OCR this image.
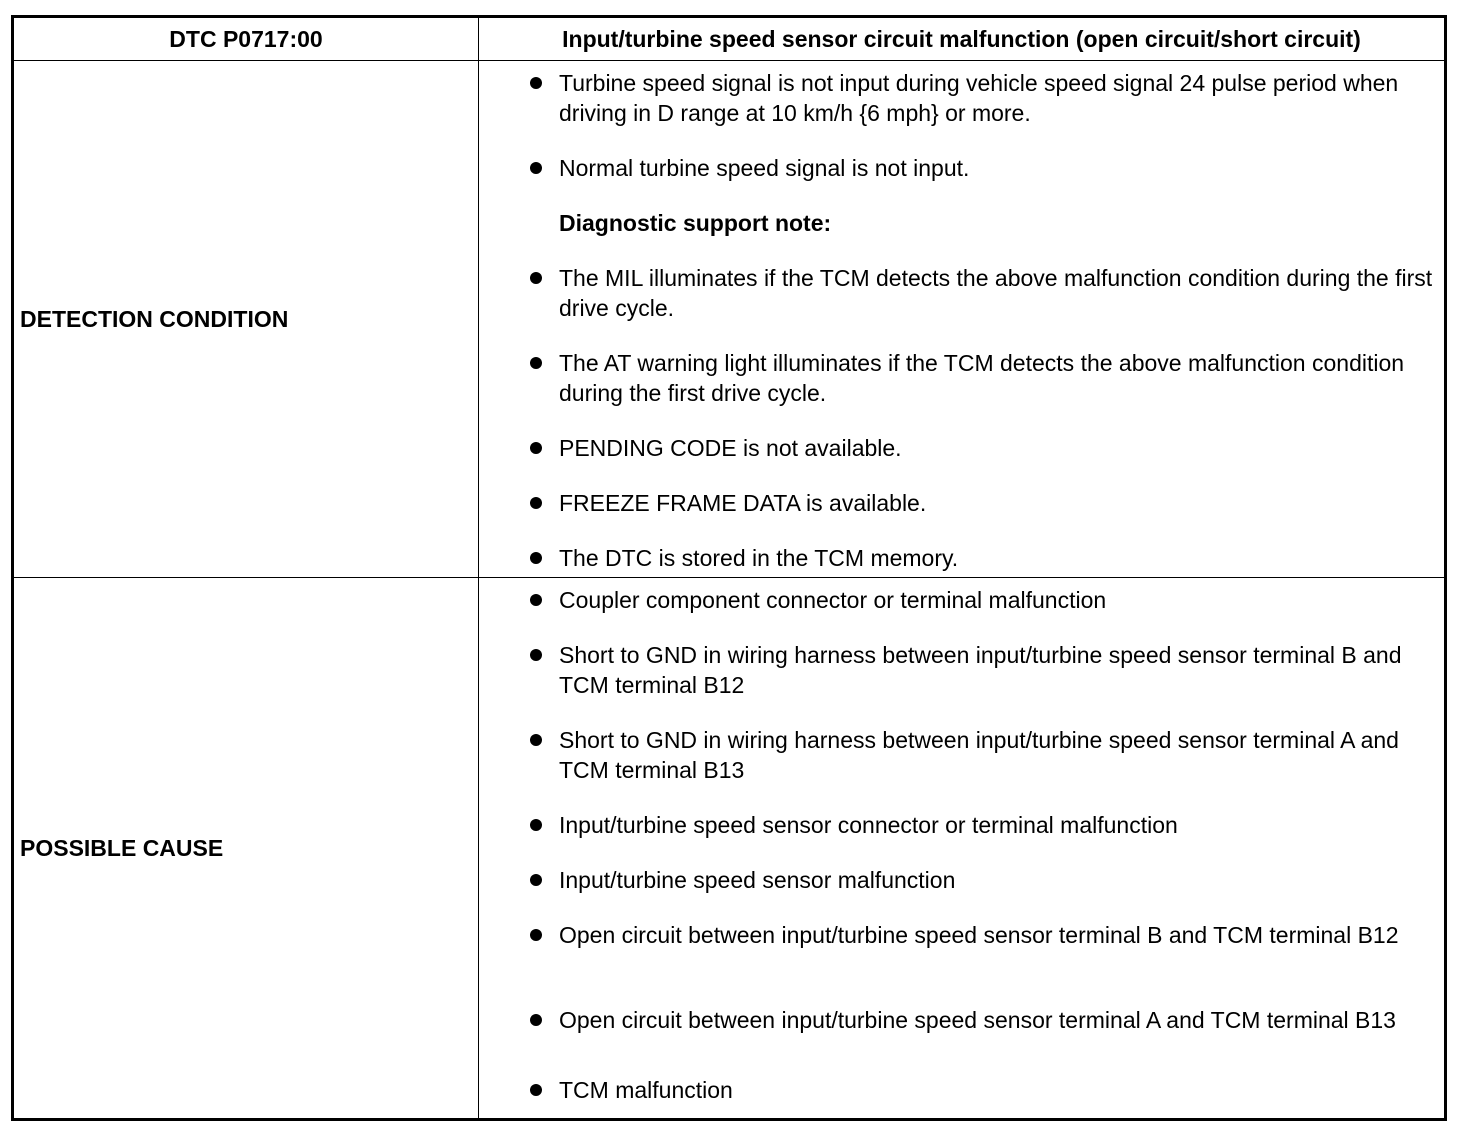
DTC P0717:00	Input/turbine speed sensor circuit malfunction (open circuit/short circuit)
DETECTION CONDITION
Turbine speed signal is not input during vehicle speed signal 24 pulse period when driving in D range at 10 km/h {6 mph} or more.
Normal turbine speed signal is not input.
Diagnostic support note:
The MIL illuminates if the TCM detects the above malfunction condition during the first drive cycle.
The AT warning light illuminates if the TCM detects the above malfunction condition during the first drive cycle.
PENDING CODE is not available.
FREEZE FRAME DATA is available.
The DTC is stored in the TCM memory.
POSSIBLE CAUSE
Coupler component connector or terminal malfunction
Short to GND in wiring harness between input/turbine speed sensor terminal B and TCM terminal B12
Short to GND in wiring harness between input/turbine speed sensor terminal A and TCM terminal B13
Input/turbine speed sensor connector or terminal malfunction
Input/turbine speed sensor malfunction
Open circuit between input/turbine speed sensor terminal B and TCM terminal B12
Open circuit between input/turbine speed sensor terminal A and TCM terminal B13
TCM malfunction
